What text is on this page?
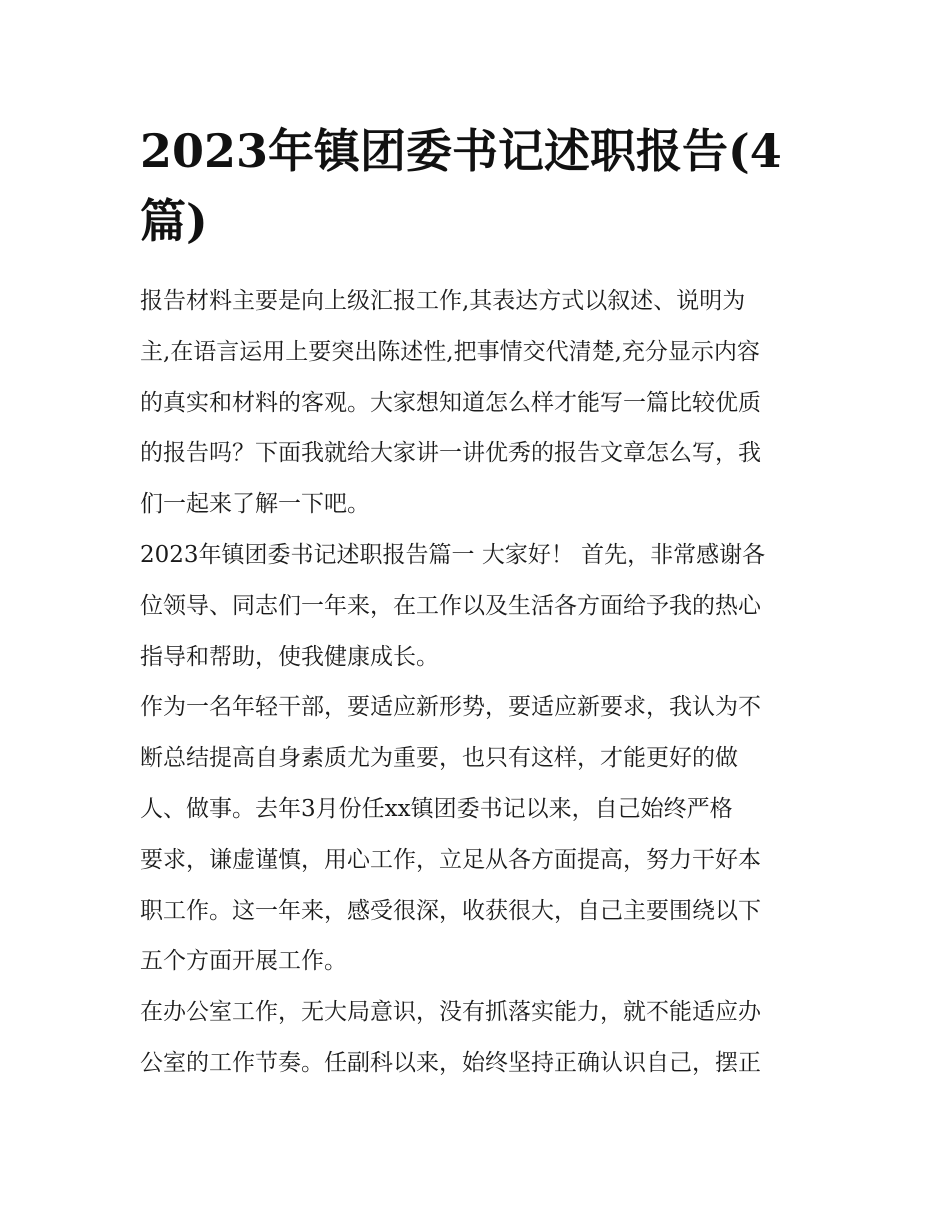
2023年镇团委书记述职报告(4篇)

报告材料主要是向上级汇报工作,其表达方式以叙述、说明为
主,在语言运用上要突出陈述性,把事情交代清楚,充分显示内容
的真实和材料的客观。大家想知道怎么样才能写一篇比较优质
的报告吗？下面我就给大家讲一讲优秀的报告文章怎么写，我
们一起来了解一下吧。

2023年镇团委书记述职报告篇一 大家好！ 首先，非常感谢各
位领导、同志们一年来，在工作以及生活各方面给予我的热心
指导和帮助，使我健康成长。

作为一名年轻干部，要适应新形势，要适应新要求，我认为不
断总结提高自身素质尤为重要，也只有这样，才能更好的做
人、做事。去年3月份任xx镇团委书记以来，自己始终严格
要求，谦虚谨慎，用心工作，立足从各方面提高，努力干好本
职工作。这一年来，感受很深，收获很大，自己主要围绕以下
五个方面开展工作。

在办公室工作，无大局意识，没有抓落实能力，就不能适应办
公室的工作节奏。任副科以来，始终坚持正确认识自己，摆正
